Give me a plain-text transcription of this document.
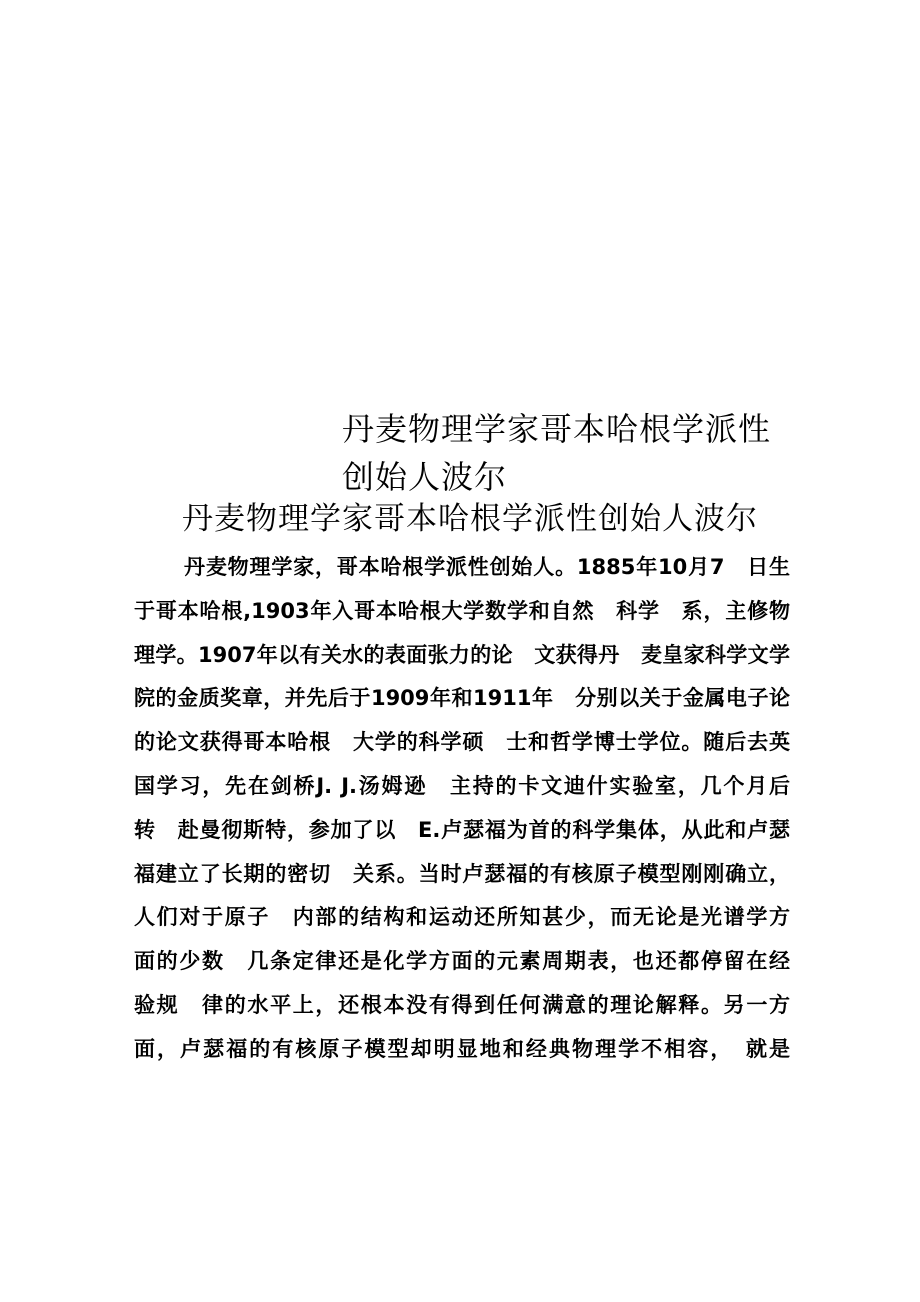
丹麦物理学家哥本哈根学派性 创始人波尔
丹麦物理学家哥本哈根学派性创始人波尔
丹麦物理学家，哥本哈根学派性创始人。1885年10月7　日生
于哥本哈根,1903年入哥本哈根大学数学和自然　科学　系，主修物
理学。1907年以有关水的表面张力的论　文获得丹　麦皇家科学文学
院的金质奖章，并先后于1909年和1911年　分别以关于金属电子论
的论文获得哥本哈根　大学的科学硕　士和哲学博士学位。随后去英
国学习，先在剑桥J. J.汤姆逊　主持的卡文迪什实验室，几个月后
转　赴曼彻斯特，参加了以　E.卢瑟福为首的科学集体，从此和卢瑟
福建立了长期的密切　关系。当时卢瑟福的有核原子模型刚刚确立，
人们对于原子　内部的结构和运动还所知甚少，而无论是光谱学方
面的少数　几条定律还是化学方面的元素周期表，也还都停留在经
验规　律的水平上，还根本没有得到任何满意的理论解释。另一方
面，卢瑟福的有核原子模型却明显地和经典物理学不相容，　就是
